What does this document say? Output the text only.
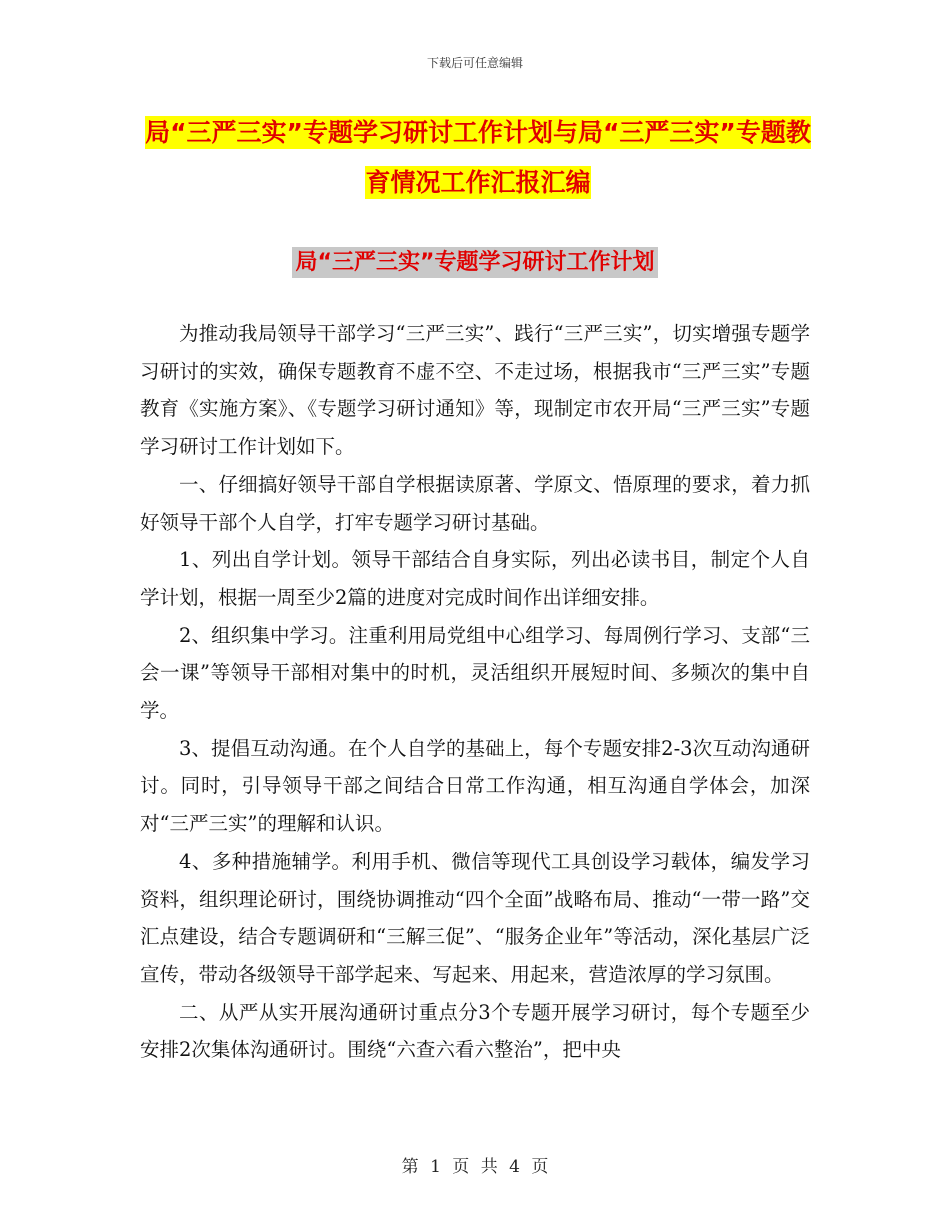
下载后可任意编辑
局“三严三实”专题学习研讨工作计划与局“三严三实”专题教育情况工作汇报汇编
局“三严三实”专题学习研讨工作计划

为推动我局领导干部学习“三严三实”、践行“三严三实”，切实增强专题学习研讨的实效，确保专题教育不虚不空、不走过场，根据我市“三严三实”专题教育《实施方案》、《专题学习研讨通知》等，现制定市农开局“三严三实”专题学习研讨工作计划如下。

一、仔细搞好领导干部自学根据读原著、学原文、悟原理的要求，着力抓好领导干部个人自学，打牢专题学习研讨基础。

1、列出自学计划。领导干部结合自身实际，列出必读书目，制定个人自学计划，根据一周至少2篇的进度对完成时间作出详细安排。

2、组织集中学习。注重利用局党组中心组学习、每周例行学习、支部“三会一课”等领导干部相对集中的时机，灵活组织开展短时间、多频次的集中自学。

3、提倡互动沟通。在个人自学的基础上，每个专题安排2-3次互动沟通研讨。同时，引导领导干部之间结合日常工作沟通，相互沟通自学体会，加深对“三严三实”的理解和认识。

4、多种措施辅学。利用手机、微信等现代工具创设学习载体，编发学习资料，组织理论研讨，围绕协调推动“四个全面”战略布局、推动“一带一路”交汇点建设，结合专题调研和“三解三促”、“服务企业年”等活动，深化基层广泛宣传，带动各级领导干部学起来、写起来、用起来，营造浓厚的学习氛围。

二、从严从实开展沟通研讨重点分3个专题开展学习研讨，每个专题至少安排2次集体沟通研讨。围绕“六查六看六整治”，把中央

第 1 页 共 4 页
